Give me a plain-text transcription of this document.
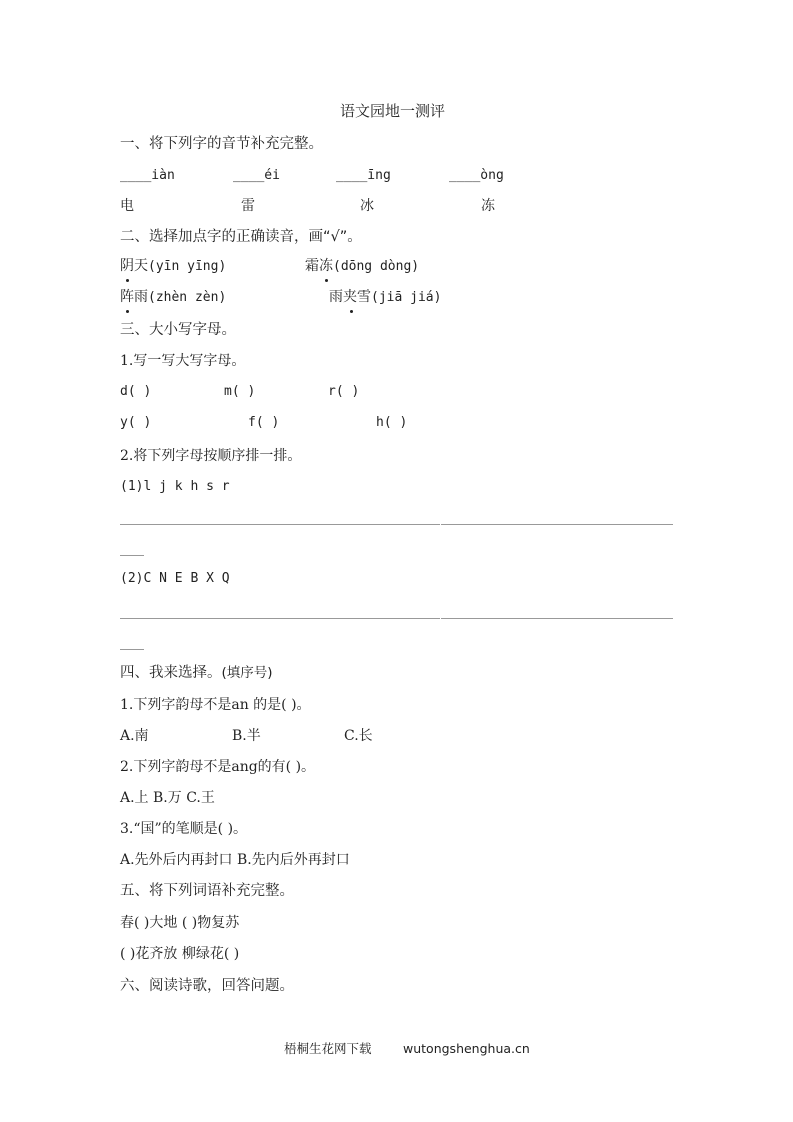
语文园地一测评
一、将下列字的音节补充完整。
____iàn	____éi	____īng	____òng
电	雷	冰	冻
二、选择加点字的正确读音，画“√”。
阴天(yīn yīng)	霜冻(dōng dòng)
阵雨(zhèn zèn)	雨夹雪(jiā jiá)
三、大小写字母。
1.写一写大写字母。
d( )	m( )	r( )
y( )	f( )	h( )
2.将下列字母按顺序排一排。
(1)l j k h s r
(2)C N E B X Q
四、我来选择。(填序号)
1.下列字韵母不是an 的是( )。
A.南	B.半	C.长
2.下列字韵母不是ang的有( )。
A.上 B.万 C.王
3.“国”的笔顺是( )。
A.先外后内再封口 B.先内后外再封口
五、将下列词语补充完整。
春( )大地 ( )物复苏
( )花齐放 柳绿花( )
六、阅读诗歌，回答问题。
梧桐生花网下载	wutongshenghua.cn
